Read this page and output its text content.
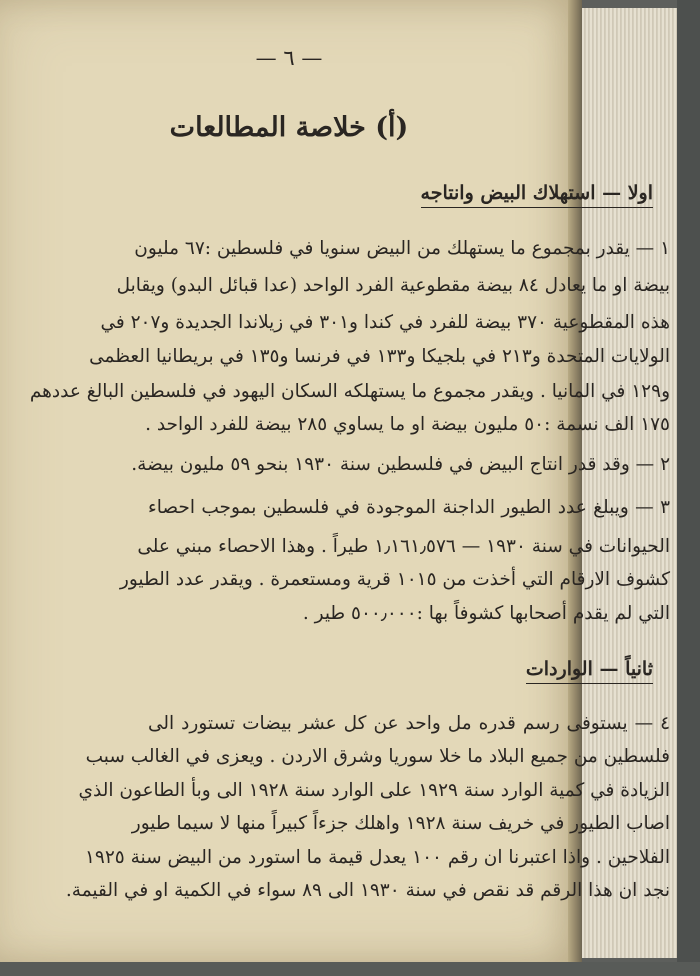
— ٦ —
(أ) خلاصة المطالعات
اولا — استهلاك البيض وانتاجه
١ — يقدر بمجموع ما يستهلك من البيض سنويا في فلسطين :٦٧ مليون
بيضة او ما يعادل ٨٤ بيضة مقطوعية الفرد الواحد (عدا قبائل البدو) ويقابل
هذه المقطوعية ٣٧٠ بيضة للفرد في كندا و٣٠١ في زيلاندا الجديدة و٢٠٧ في
الولايات المتحدة و٢١٣ في بلجيكا و١٣٣ في فرنسا و١٣٥ في بريطانيا العظمى
و١٢٩ في المانيا . ويقدر مجموع ما يستهلكه السكان اليهود في فلسطين البالغ عددهم
١٧٥ الف نسمة :٥٠ مليون بيضة او ما يساوي ٢٨٥ بيضة للفرد الواحد .
٢ — وقد قدر انتاج البيض في فلسطين سنة ١٩٣٠ بنحو ٥٩ مليون بيضة.
٣ — ويبلغ عدد الطيور الداجنة الموجودة في فلسطين بموجب احصاء
الحيوانات في سنة ١٩٣٠ — ١٫١٦١٫٥٧٦ طيراً . وهذا الاحصاء مبني على
كشوف الارقام التي أخذت من ١٠١٥ قرية ومستعمرة . ويقدر عدد الطيور
التي لم يقدم أصحابها كشوفاً بها :٥٠٠٫٠٠٠ طير .
ثانياً — الواردات
٤ — يستوفى رسم قدره مل واحد عن كل عشر بيضات تستورد الى
فلسطين من جميع البلاد ما خلا سوريا وشرق الاردن . ويعزى في الغالب سبب
الزيادة في كمية الوارد سنة ١٩٢٩ على الوارد سنة ١٩٢٨ الى وبأ الطاعون الذي
اصاب الطيور في خريف سنة ١٩٢٨ واهلك جزءاً كبيراً منها لا سيما طيور
الفلاحين . واذا اعتبرنا ان رقم ١٠٠ يعدل قيمة ما استورد من البيض سنة ١٩٢٥
نجد ان هذا الرقم قد نقص في سنة ١٩٣٠ الى ٨٩ سواء في الكمية او في القيمة.
